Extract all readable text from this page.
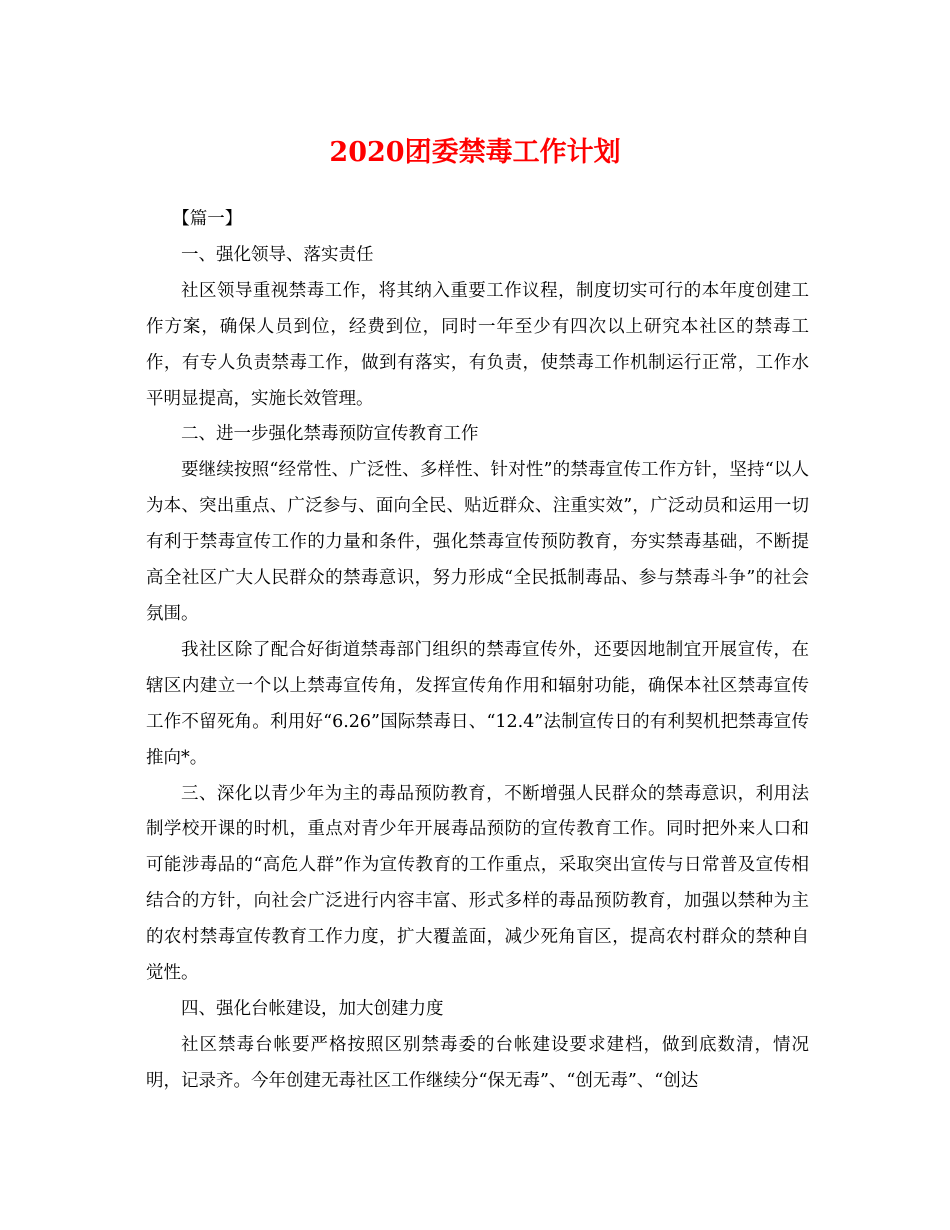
2020团委禁毒工作计划

【篇一】

一、强化领导、落实责任

社区领导重视禁毒工作，将其纳入重要工作议程，制度切实可行的本年度创建工作方案，确保人员到位，经费到位，同时一年至少有四次以上研究本社区的禁毒工作，有专人负责禁毒工作，做到有落实，有负责，使禁毒工作机制运行正常，工作水平明显提高，实施长效管理。

二、进一步强化禁毒预防宣传教育工作

要继续按照“经常性、广泛性、多样性、针对性”的禁毒宣传工作方针，坚持“以人为本、突出重点、广泛参与、面向全民、贴近群众、注重实效”，广泛动员和运用一切有利于禁毒宣传工作的力量和条件，强化禁毒宣传预防教育，夯实禁毒基础，不断提高全社区广大人民群众的禁毒意识，努力形成“全民抵制毒品、参与禁毒斗争”的社会氛围。

我社区除了配合好街道禁毒部门组织的禁毒宣传外，还要因地制宜开展宣传，在辖区内建立一个以上禁毒宣传角，发挥宣传角作用和辐射功能，确保本社区禁毒宣传工作不留死角。利用好“6.26”国际禁毒日、“12.4”法制宣传日的有利契机把禁毒宣传推向*。

三、深化以青少年为主的毒品预防教育，不断增强人民群众的禁毒意识，利用法制学校开课的时机，重点对青少年开展毒品预防的宣传教育工作。同时把外来人口和可能涉毒品的“高危人群”作为宣传教育的工作重点，采取突出宣传与日常普及宣传相结合的方针，向社会广泛进行内容丰富、形式多样的毒品预防教育，加强以禁种为主的农村禁毒宣传教育工作力度，扩大覆盖面，减少死角盲区，提高农村群众的禁种自觉性。

四、强化台帐建设，加大创建力度

社区禁毒台帐要严格按照区别禁毒委的台帐建设要求建档，做到底数清，情况明，记录齐。今年创建无毒社区工作继续分“保无毒”、“创无毒”、“创达
